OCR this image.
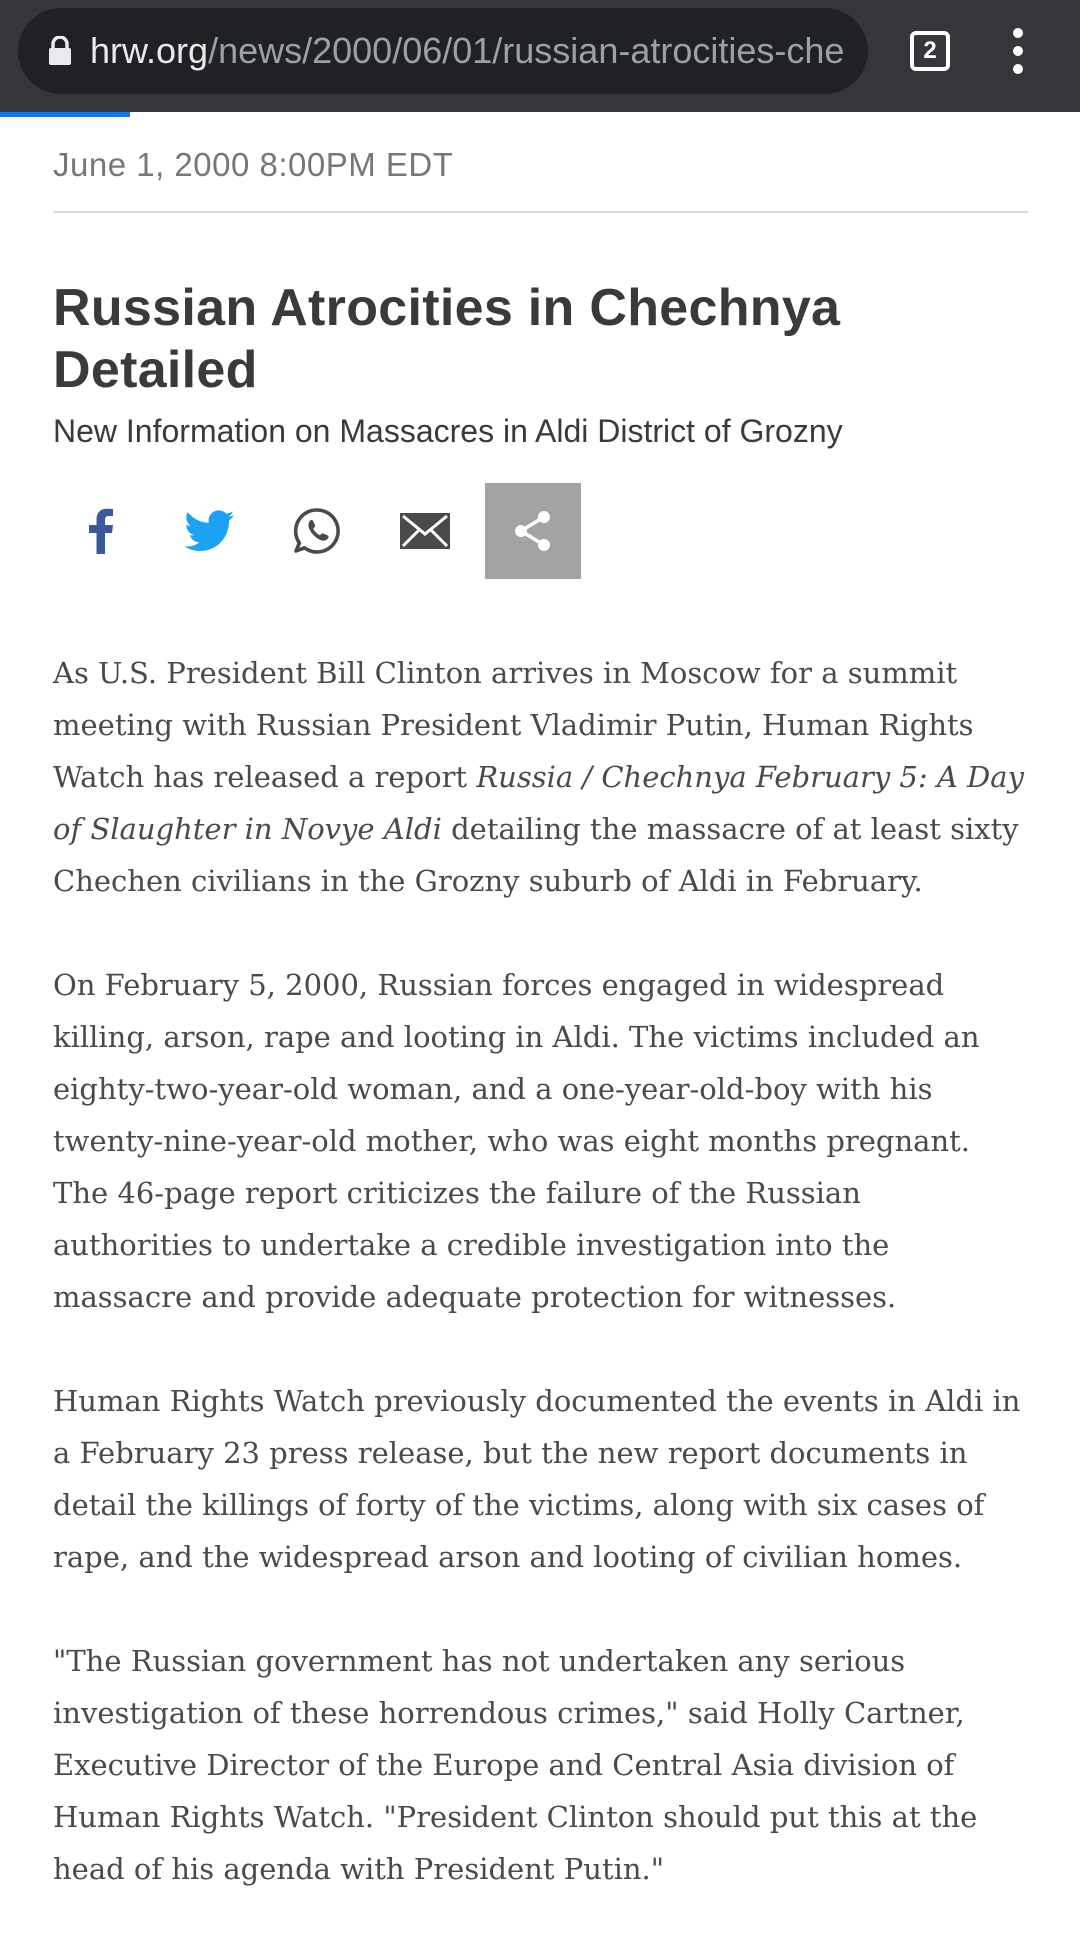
hrw.org/news/2000/06/01/russian-atrocities-che	2
June 1, 2000 8:00PM EDT
Russian Atrocities in Chechnya Detailed
New Information on Massacres in Aldi District of Grozny

As U.S. President Bill Clinton arrives in Moscow for a summit meeting with Russian President Vladimir Putin, Human Rights Watch has released a report Russia / Chechnya February 5: A Day of Slaughter in Novye Aldi detailing the massacre of at least sixty Chechen civilians in the Grozny suburb of Aldi in February.

On February 5, 2000, Russian forces engaged in widespread killing, arson, rape and looting in Aldi. The victims included an eighty-two-year-old woman, and a one-year-old-boy with his twenty-nine-year-old mother, who was eight months pregnant. The 46-page report criticizes the failure of the Russian authorities to undertake a credible investigation into the massacre and provide adequate protection for witnesses.

Human Rights Watch previously documented the events in Aldi in a February 23 press release, but the new report documents in detail the killings of forty of the victims, along with six cases of rape, and the widespread arson and looting of civilian homes.

"The Russian government has not undertaken any serious investigation of these horrendous crimes," said Holly Cartner, Executive Director of the Europe and Central Asia division of Human Rights Watch. "President Clinton should put this at the head of his agenda with President Putin."
